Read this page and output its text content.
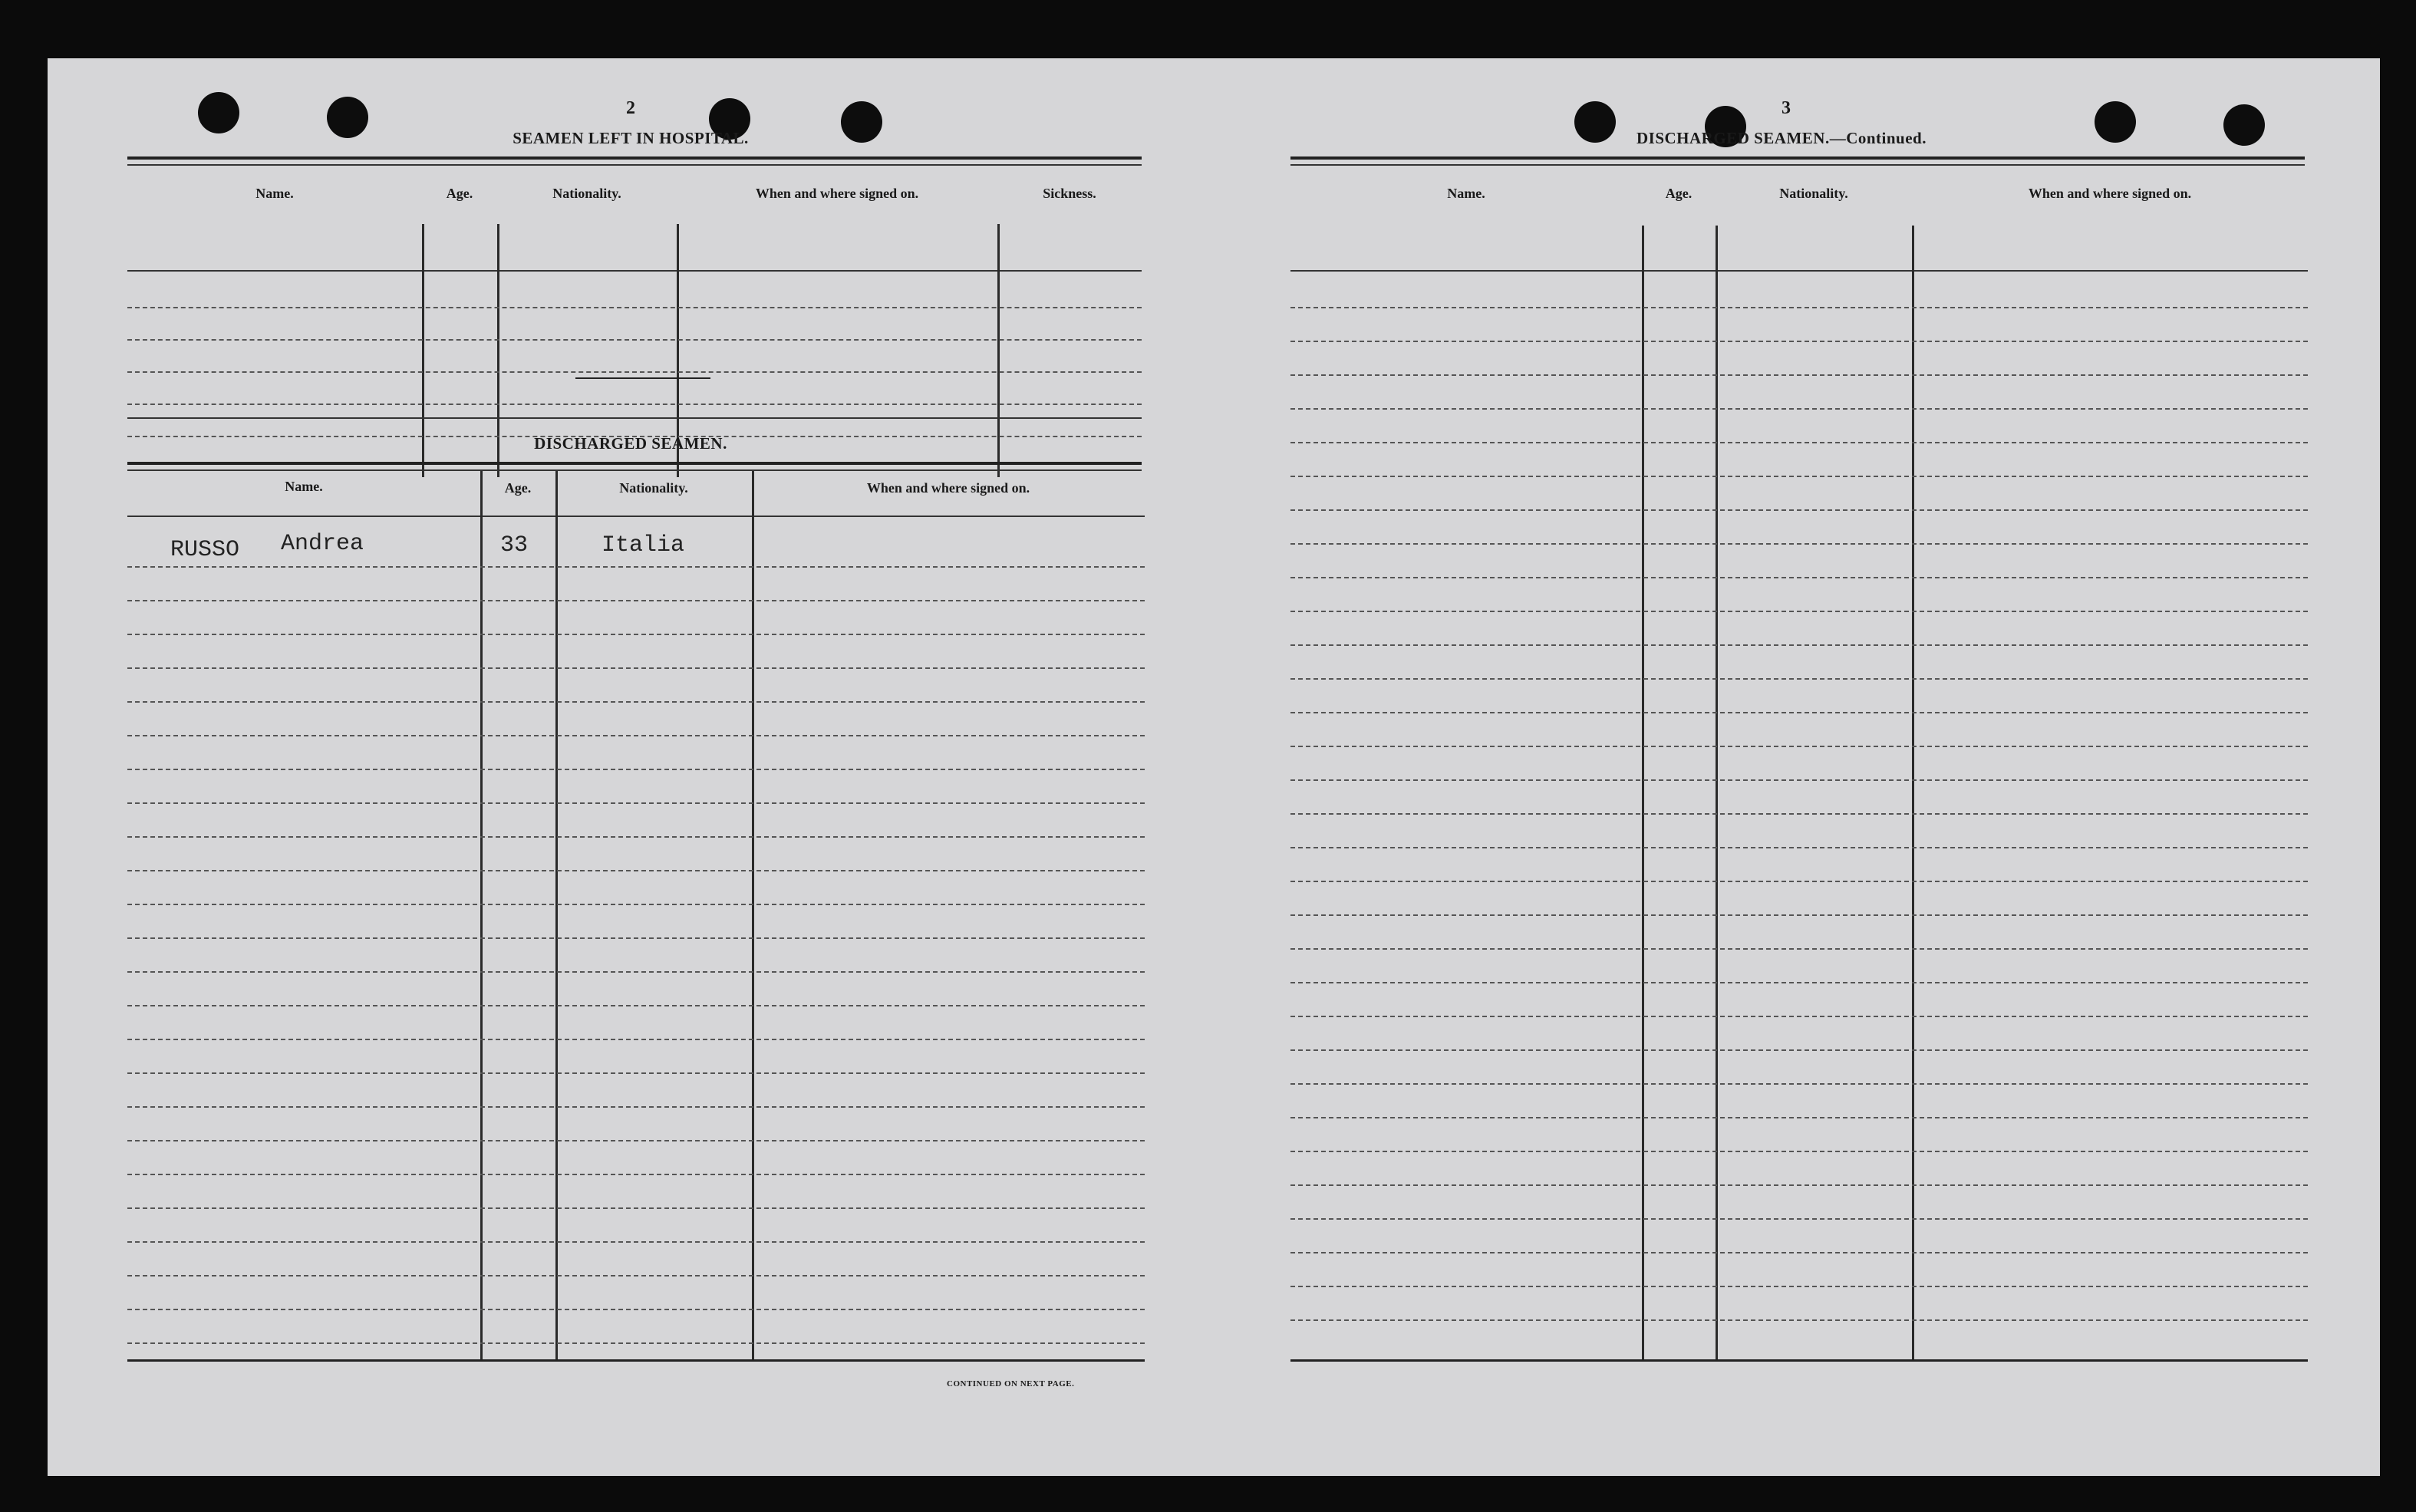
2
SEAMEN LEFT IN HOSPITAL.
Name.	Age.	Nationality.	When and where signed on.	Sickness.
DISCHARGED SEAMEN.
Name.	Age.	Nationality.	When and where signed on.
RUSSO Andrea	33	Italia
CONTINUED ON NEXT PAGE.
3
DISCHARGED SEAMEN.—Continued.
Name.	Age.	Nationality.	When and where signed on.
